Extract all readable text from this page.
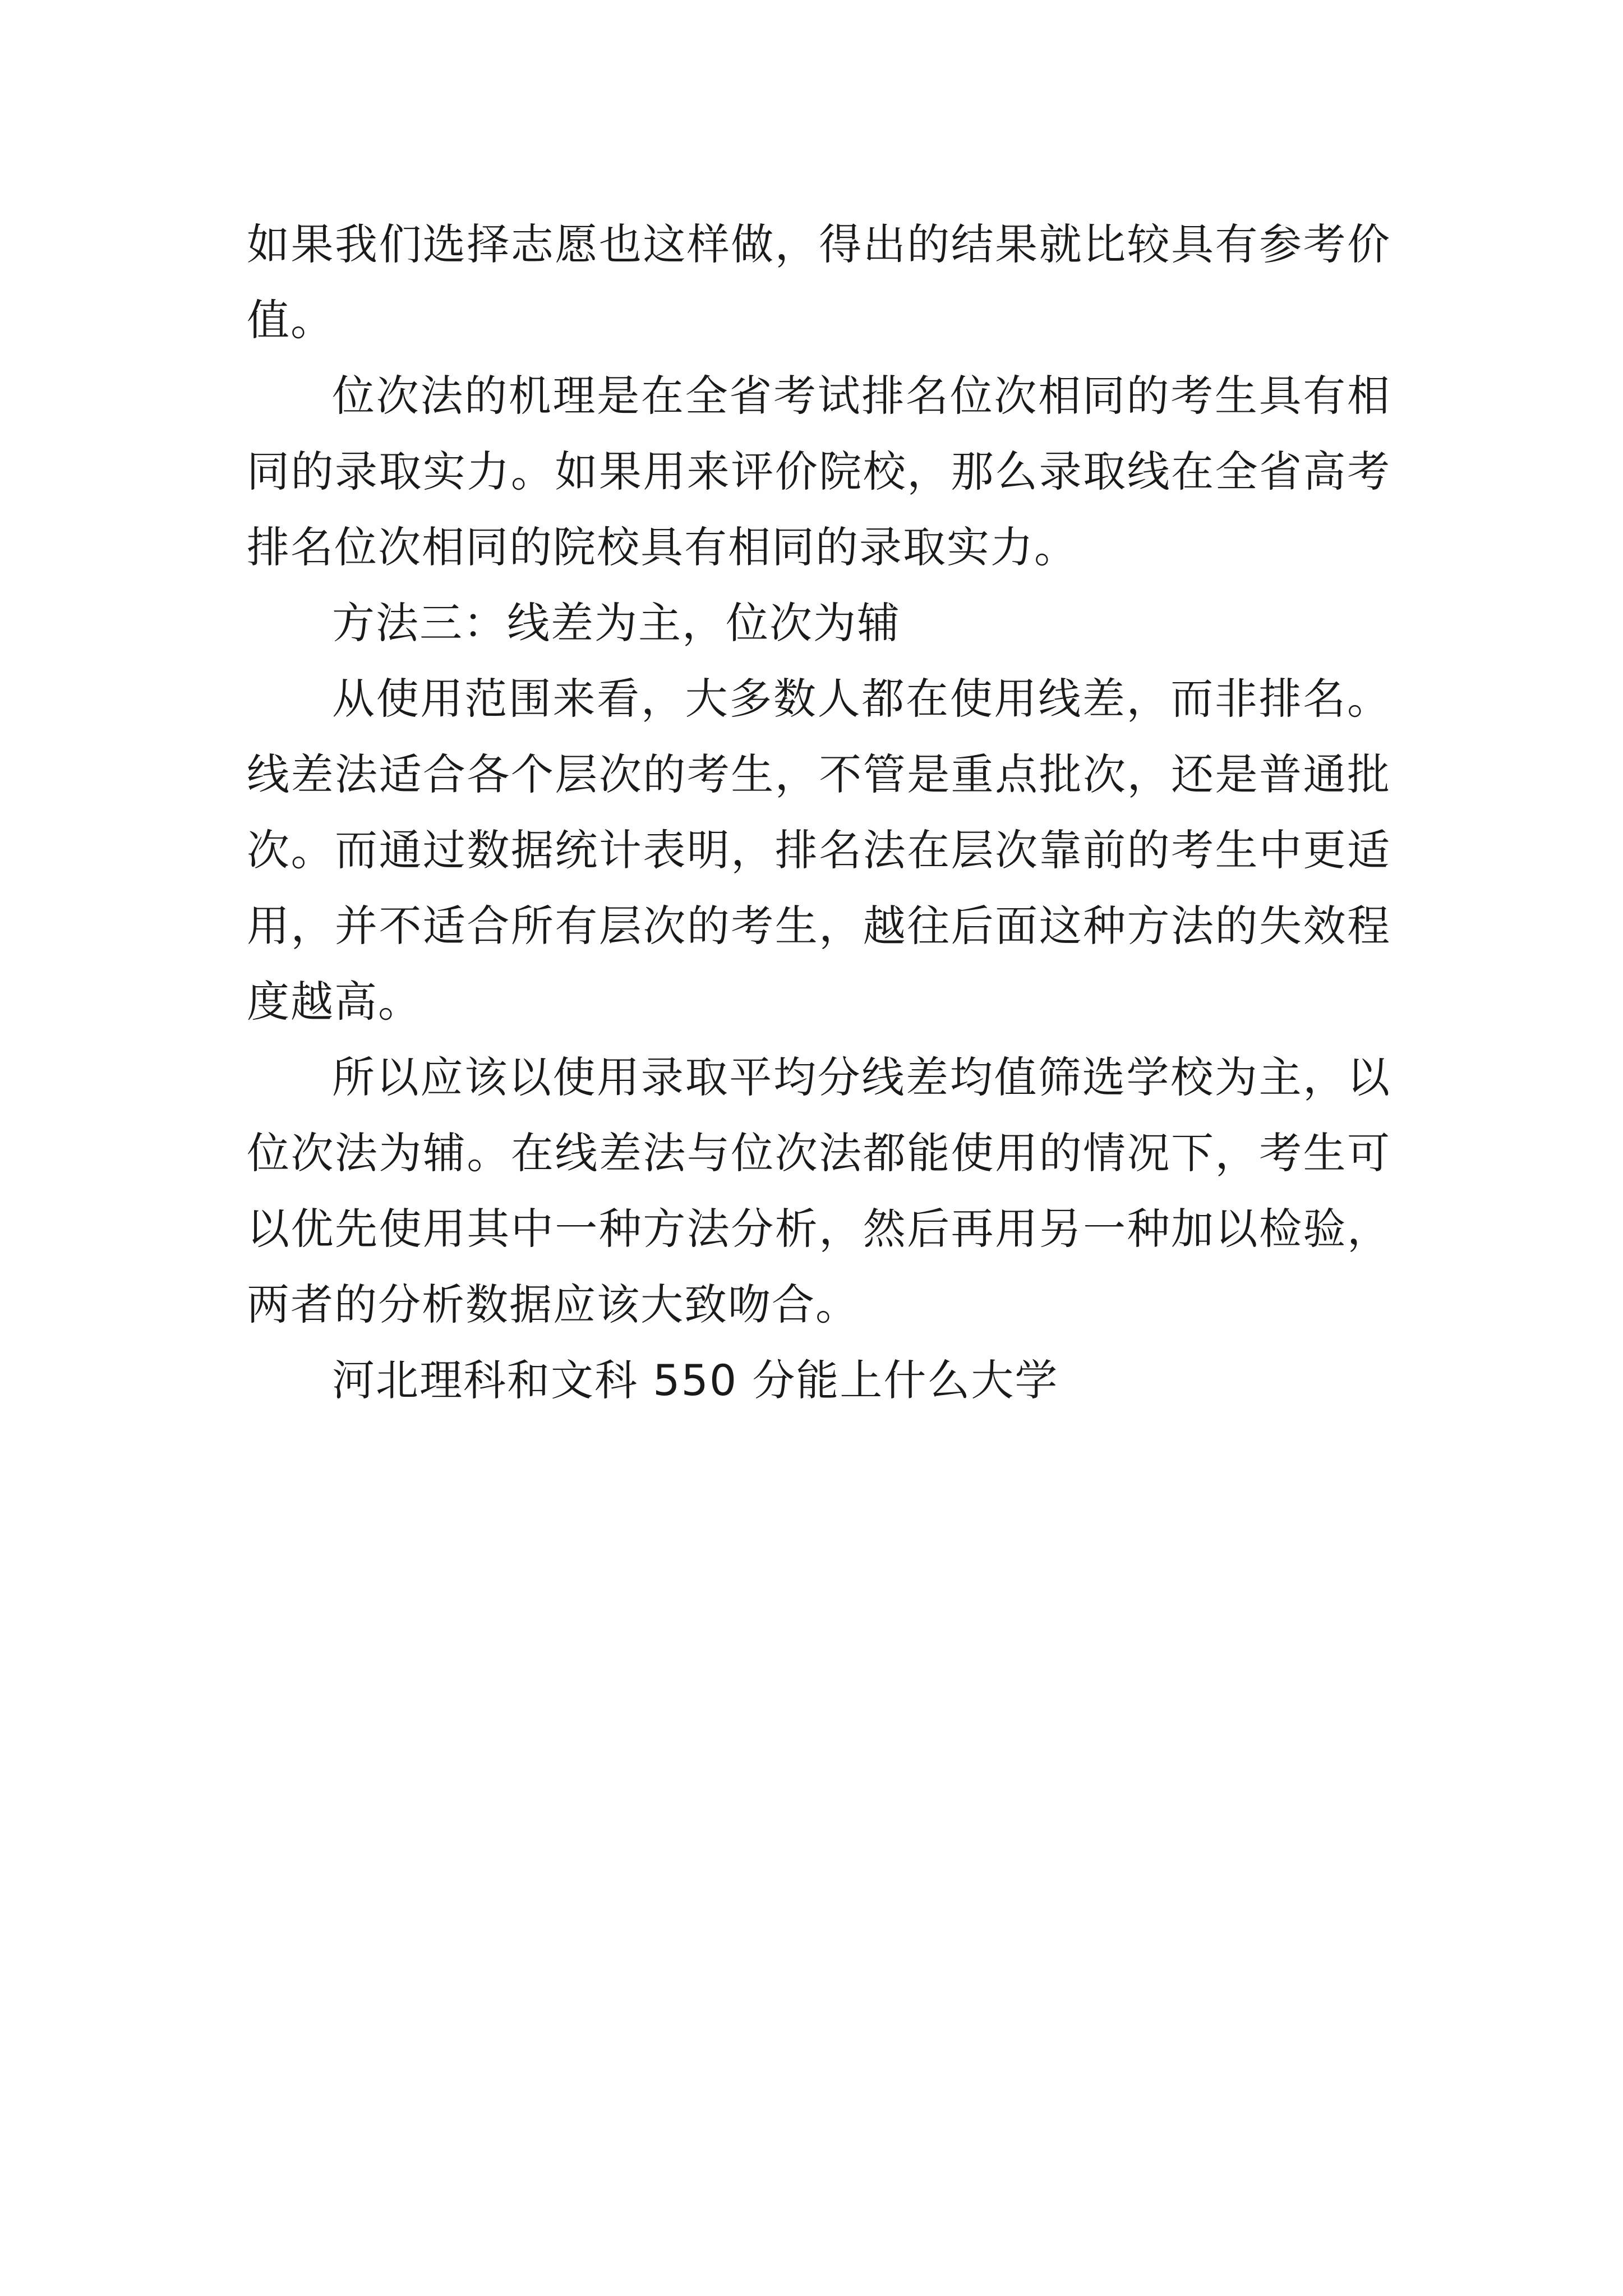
如果我们选择志愿也这样做，得出的结果就比较具有参考价值。

位次法的机理是在全省考试排名位次相同的考生具有相同的录取实力。如果用来评价院校，那么录取线在全省高考排名位次相同的院校具有相同的录取实力。

方法三：线差为主，位次为辅

从使用范围来看，大多数人都在使用线差，而非排名。线差法适合各个层次的考生，不管是重点批次，还是普通批次。而通过数据统计表明，排名法在层次靠前的考生中更适用，并不适合所有层次的考生，越往后面这种方法的失效程度越高。

所以应该以使用录取平均分线差均值筛选学校为主，以位次法为辅。在线差法与位次法都能使用的情况下，考生可以优先使用其中一种方法分析，然后再用另一种加以检验，两者的分析数据应该大致吻合。

河北理科和文科 550 分能上什么大学
